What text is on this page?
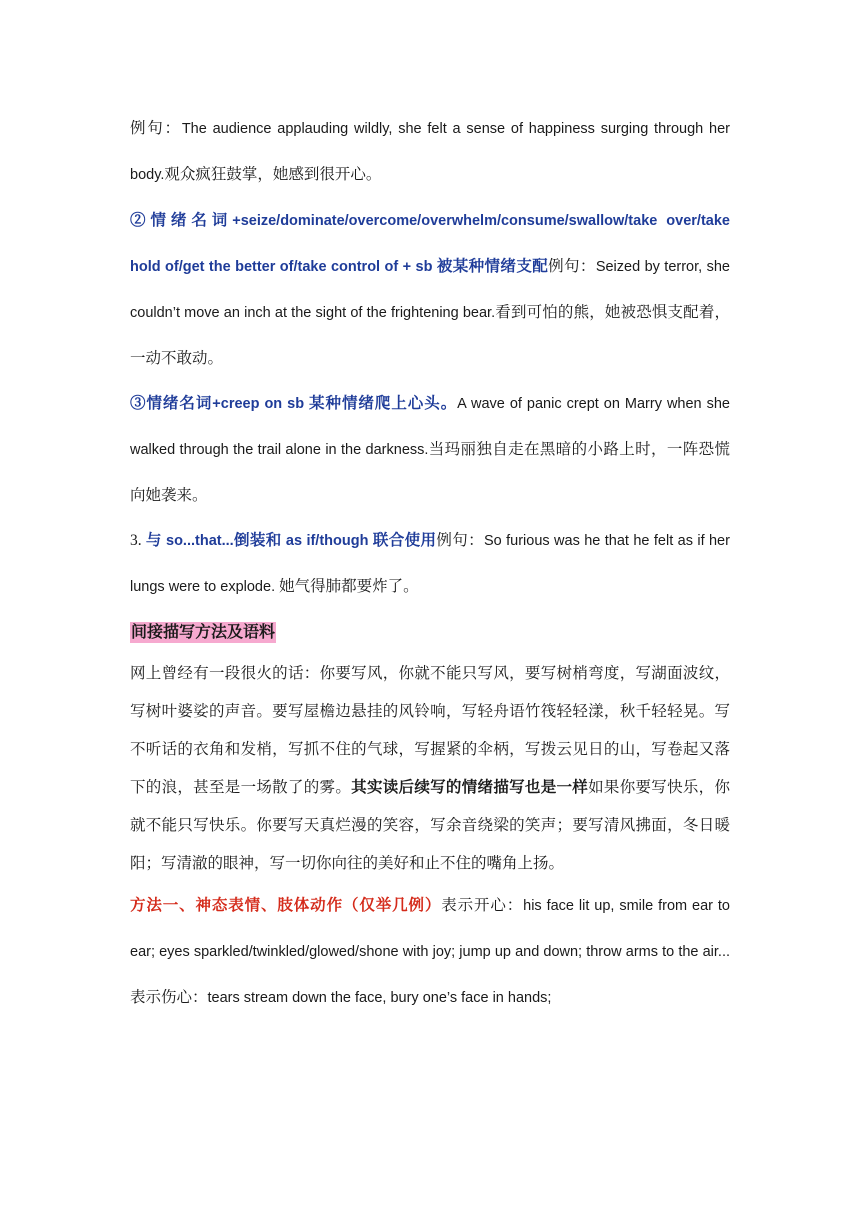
例句：The audience applauding wildly, she felt a sense of happiness surging through her body.观众疯狂鼓掌，她感到很开心。

②情绪名词+seize/dominate/overcome/overwhelm/consume/swallow/take over/take hold of/get the better of/take control of + sb 被某种情绪支配例句：Seized by terror, she couldn’t move an inch at the sight of the frightening bear.看到可怕的熊，她被恐惧支配着，一动不敢动。

③情绪名词+creep on sb 某种情绪爬上心头。A wave of panic crept on Marry when she walked through the trail alone in the darkness.当玛丽独自走在黑暗的小路上时，一阵恐慌向她袭来。

3. 与 so...that...倒装和 as if/though 联合使用例句：So furious was he that he felt as if her lungs were to explode. 她气得肺都要炸了。

间接描写方法及语料

网上曾经有一段很火的话：你要写风，你就不能只写风，要写树梢弯度，写湖面波纹，写树叶婆娑的声音。要写屋檐边悬挂的风铃响，写轻舟语竹筏轻轻漾，秋千轻轻晃。写不听话的衣角和发梢，写抓不住的气球，写握紧的伞柄，写拨云见日的山，写卷起又落下的浪，甚至是一场散了的雾。其实读后续写的情绪描写也是一样如果你要写快乐，你就不能只写快乐。你要写天真烂漫的笑容，写余音绕梁的笑声；要写清风拂面，冬日暖阳；写清澈的眼神，写一切你向往的美好和止不住的嘴角上扬。

方法一、神态表情、肢体动作（仅举几例）表示开心：his face lit up, smile from ear to ear; eyes sparkled/twinkled/glowed/shone with joy; jump up and down; throw arms to the air...表示伤心：tears stream down the face, bury one’s face in hands;
